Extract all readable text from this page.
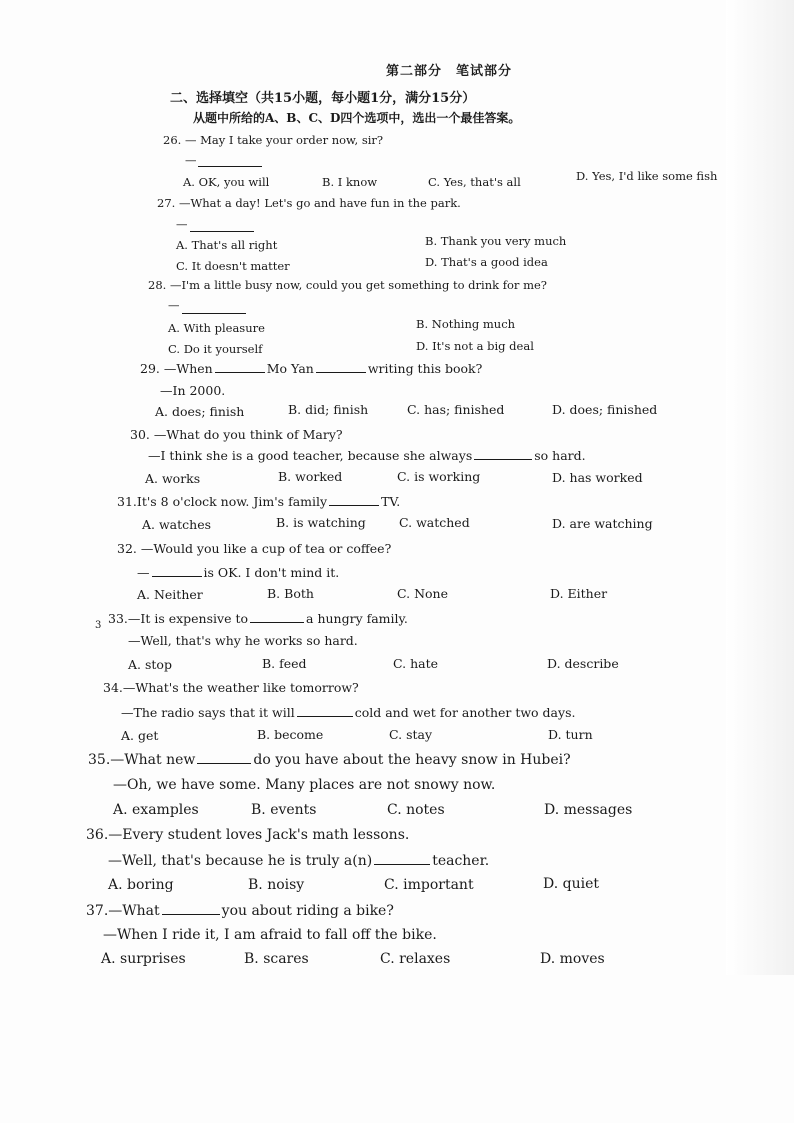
第二部分　笔试部分
二、选择填空（共15小题，每小题1分，满分15分）
从题中所给的A、B、C、D四个选项中，选出一个最佳答案。
26. — May I take your order now, sir?
—
A. OK, you will	B. I know	C. Yes, that's all	D. Yes, I'd like some fish
27. —What a day! Let's go and have fun in the park.
—
A. That's all right	B. Thank you very much
C. It doesn't matter	D. That's a good idea
28. —I'm a little busy now, could you get something to drink for me?
—
A. With pleasure	B. Nothing much
C. Do it yourself	D. It's not a big deal
29. —When	Mo Yan	writing this book?
—In 2000.
A. does; finish	B. did; finish	C. has; finished	D. does; finished
30. —What do you think of Mary?
—I think she is a good teacher, because she always	so hard.
A. works	B. worked	C. is working	D. has worked
31.It's 8 o'clock now. Jim's family	TV.
A. watches	B. is watching	C. watched	D. are watching
32. —Would you like a cup of tea or coffee?
—	is OK. I don't mind it.
A. Neither	B. Both	C. None	D. Either
3 33.—It is expensive to	a hungry family.
—Well, that's why he works so hard.
A. stop	B. feed	C. hate	D. describe
34.—What's the weather like tomorrow?
—The radio says that it will	cold and wet for another two days.
A. get	B. become	C. stay	D. turn
35.—What new	do you have about the heavy snow in Hubei?
—Oh, we have some. Many places are not snowy now.
A. examples	B. events	C. notes	D. messages
36.—Every student loves Jack's math lessons.
—Well, that's because he is truly a(n)	teacher.
A. boring	B. noisy	C. important	D. quiet
37.—What	you about riding a bike?
—When I ride it, I am afraid to fall off the bike.
A. surprises	B. scares	C. relaxes	D. moves
